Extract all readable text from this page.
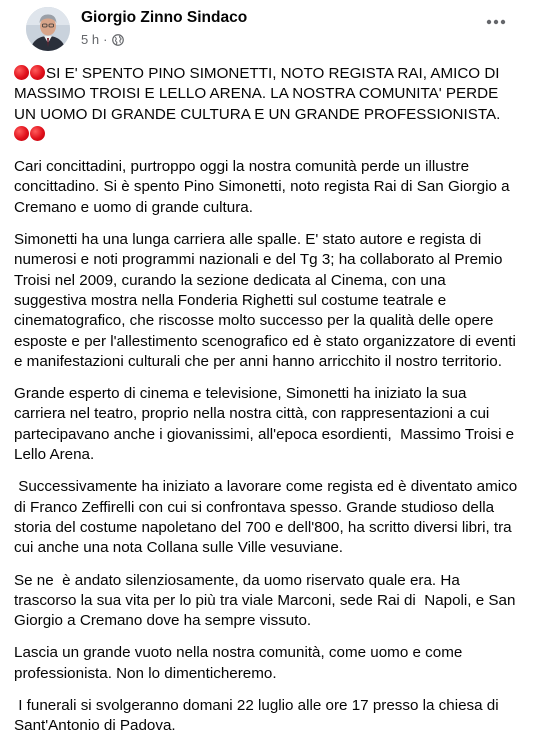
Giorgio Zinno Sindaco
5 h ·

SI E' SPENTO PINO SIMONETTI, NOTO REGISTA RAI, AMICO DI MASSIMO TROISI E LELLO ARENA. LA NOSTRA COMUNITA' PERDE UN UOMO DI GRANDE CULTURA E UN GRANDE PROFESSIONISTA.

Cari concittadini, purtroppo oggi la nostra comunità perde un illustre concittadino. Si è spento Pino Simonetti, noto regista Rai di San Giorgio a Cremano e uomo di grande cultura.

Simonetti ha una lunga carriera alle spalle. E' stato autore e regista di numerosi e noti programmi nazionali e del Tg 3; ha collaborato al Premio Troisi nel 2009, curando la sezione dedicata al Cinema, con una suggestiva mostra nella Fonderia Righetti sul costume teatrale e cinematografico, che riscosse molto successo per la qualità delle opere esposte e per l'allestimento scenografico ed è stato organizzatore di eventi e manifestazioni culturali che per anni hanno arricchito il nostro territorio.

Grande esperto di cinema e televisione, Simonetti ha iniziato la sua carriera nel teatro, proprio nella nostra città, con rappresentazioni a cui partecipavano anche i giovanissimi, all'epoca esordienti,  Massimo Troisi e Lello Arena.

Successivamente ha iniziato a lavorare come regista ed è diventato amico di Franco Zeffirelli con cui si confrontava spesso. Grande studioso della storia del costume napoletano del 700 e dell'800, ha scritto diversi libri, tra cui anche una nota Collana sulle Ville vesuviane.

Se ne  è andato silenziosamente, da uomo riservato quale era. Ha trascorso la sua vita per lo più tra viale Marconi, sede Rai di  Napoli, e San Giorgio a Cremano dove ha sempre vissuto.

Lascia un grande vuoto nella nostra comunità, come uomo e come professionista. Non lo dimenticheremo.

I funerali si svolgeranno domani 22 luglio alle ore 17 presso la chiesa di  Sant'Antonio di Padova.
